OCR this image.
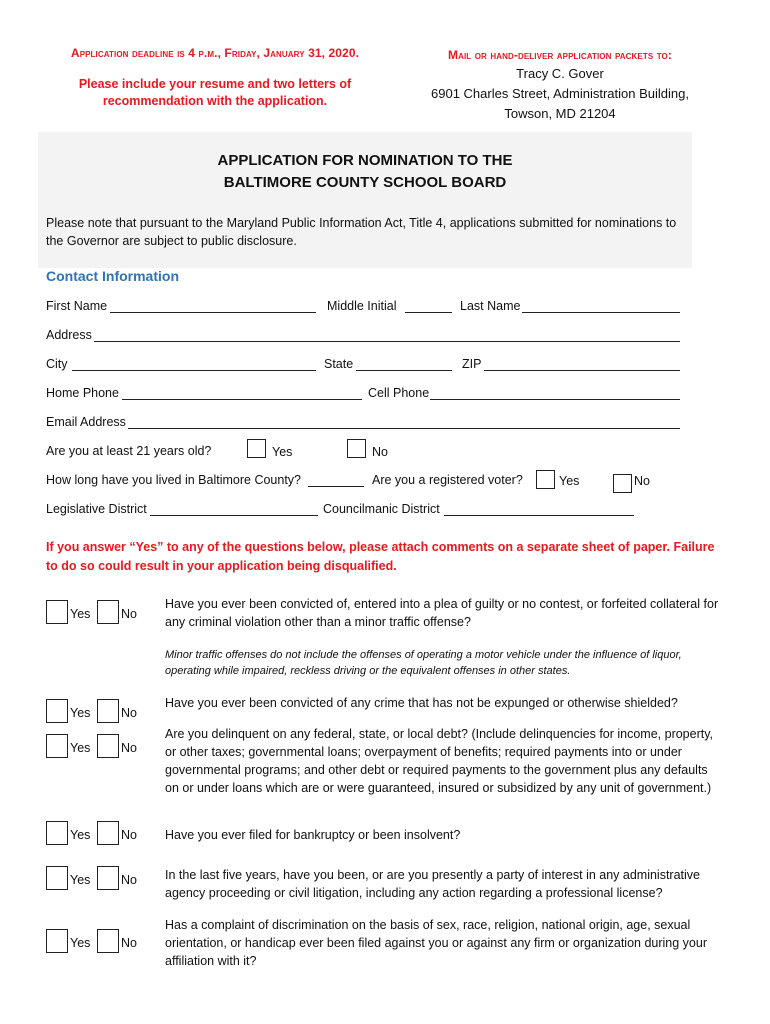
Application deadline is 4 p.m., Friday, January 31, 2020.
Please include your resume and two letters of recommendation with the application.
Mail or hand-deliver application packets to:
Tracy C. Gover
6901 Charles Street, Administration Building,
Towson, MD 21204
APPLICATION FOR NOMINATION TO THE
BALTIMORE COUNTY SCHOOL BOARD
Please note that pursuant to the Maryland Public Information Act, Title 4, applications submitted for nominations to the Governor are subject to public disclosure.
Contact Information
First Name	Middle Initial	Last Name
Address
City	State	ZIP
Home Phone	Cell Phone
Email Address
Are you at least 21 years old?	Yes	No
How long have you lived in Baltimore County?	Are you a registered voter?	Yes	No
Legislative District	Councilmanic District
If you answer “Yes” to any of the questions below, please attach comments on a separate sheet of paper. Failure to do so could result in your application being disqualified.
Yes No
Have you ever been convicted of, entered into a plea of guilty or no contest, or forfeited collateral for any criminal violation other than a minor traffic offense?
Minor traffic offenses do not include the offenses of operating a motor vehicle under the influence of liquor, operating while impaired, reckless driving or the equivalent offenses in other states.
Yes No
Have you ever been convicted of any crime that has not be expunged or otherwise shielded?
Yes No
Are you delinquent on any federal, state, or local debt? (Include delinquencies for income, property, or other taxes; governmental loans; overpayment of benefits; required payments into or under governmental programs; and other debt or required payments to the government plus any defaults on or under loans which are or were guaranteed, insured or subsidized by any unit of government.)
Yes No Have you ever filed for bankruptcy or been insolvent?
Yes No In the last five years, have you been, or are you presently a party of interest in any administrative agency proceeding or civil litigation, including any action regarding a professional license?
Yes No
Has a complaint of discrimination on the basis of sex, race, religion, national origin, age, sexual orientation, or handicap ever been filed against you or against any firm or organization during your affiliation with it?
